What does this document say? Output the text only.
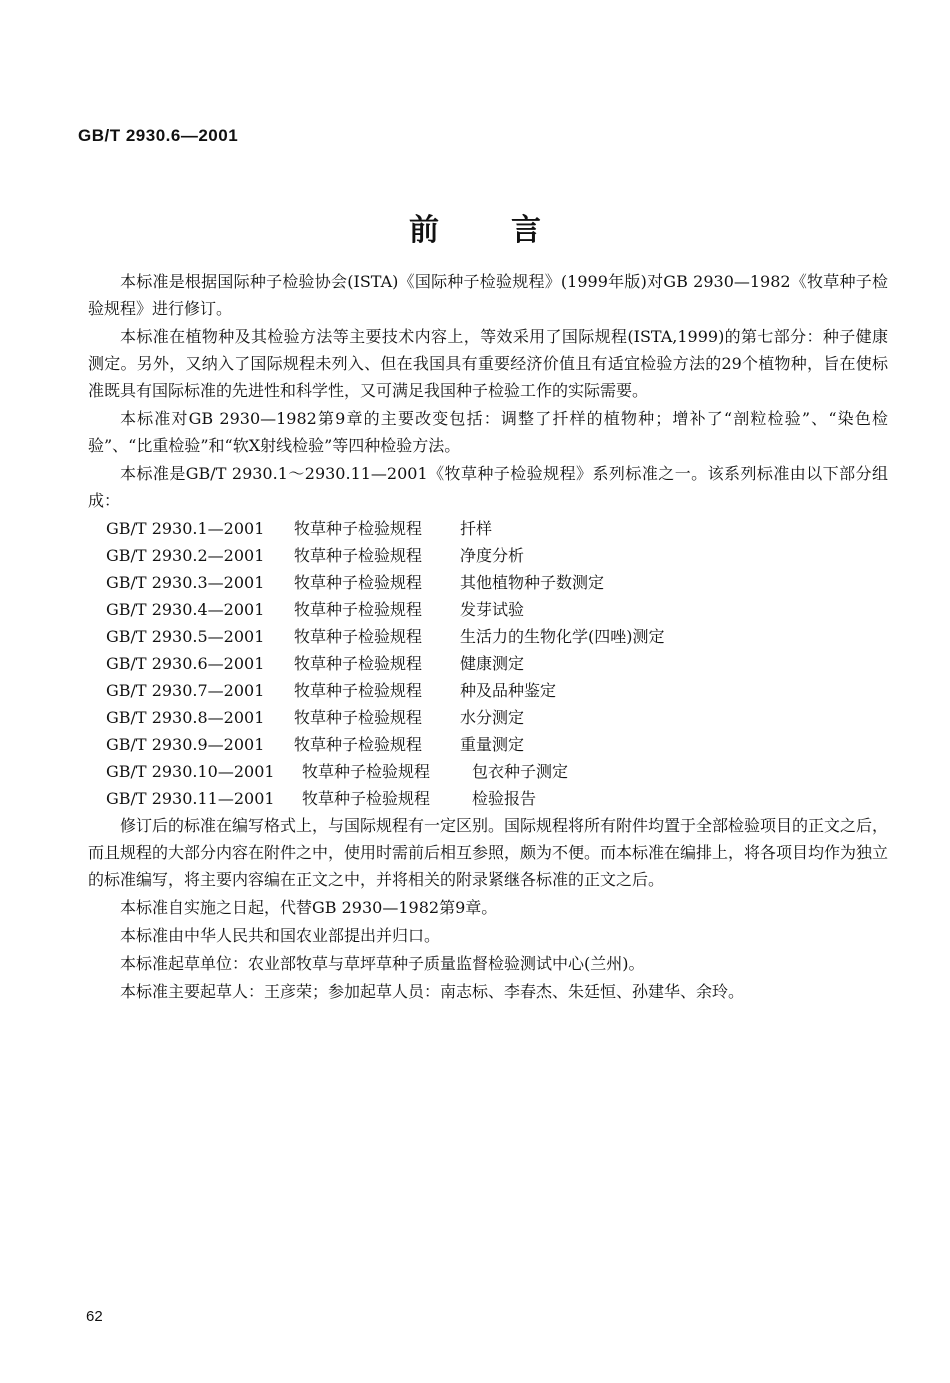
GB/T 2930.6—2001
前言

本标准是根据国际种子检验协会(ISTA)《国际种子检验规程》(1999年版)对GB 2930—1982《牧草种子检验规程》进行修订。

本标准在植物种及其检验方法等主要技术内容上，等效采用了国际规程(ISTA,1999)的第七部分：种子健康测定。另外，又纳入了国际规程未列入、但在我国具有重要经济价值且有适宜检验方法的29个植物种，旨在使标准既具有国际标准的先进性和科学性，又可满足我国种子检验工作的实际需要。

本标准对GB 2930—1982第9章的主要改变包括：调整了扦样的植物种；增补了“剖粒检验”、“染色检验”、“比重检验”和“软X射线检验”等四种检验方法。

本标准是GB/T 2930.1～2930.11—2001《牧草种子检验规程》系列标准之一。该系列标准由以下部分组成：

GB/T 2930.1—2001	牧草种子检验规程	扦样
GB/T 2930.2—2001	牧草种子检验规程	净度分析
GB/T 2930.3—2001	牧草种子检验规程	其他植物种子数测定
GB/T 2930.4—2001	牧草种子检验规程	发芽试验
GB/T 2930.5—2001	牧草种子检验规程	生活力的生物化学(四唑)测定
GB/T 2930.6—2001	牧草种子检验规程	健康测定
GB/T 2930.7—2001	牧草种子检验规程	种及品种鉴定
GB/T 2930.8—2001	牧草种子检验规程	水分测定
GB/T 2930.9—2001	牧草种子检验规程	重量测定
GB/T 2930.10—2001	牧草种子检验规程	包衣种子测定
GB/T 2930.11—2001	牧草种子检验规程	检验报告

修订后的标准在编写格式上，与国际规程有一定区别。国际规程将所有附件均置于全部检验项目的正文之后，而且规程的大部分内容在附件之中，使用时需前后相互参照，颇为不便。而本标准在编排上，将各项目均作为独立的标准编写，将主要内容编在正文之中，并将相关的附录紧继各标准的正文之后。

本标准自实施之日起，代替GB 2930—1982第9章。

本标准由中华人民共和国农业部提出并归口。

本标准起草单位：农业部牧草与草坪草种子质量监督检验测试中心(兰州)。

本标准主要起草人：王彦荣；参加起草人员：南志标、李春杰、朱廷恒、孙建华、余玲。

62
